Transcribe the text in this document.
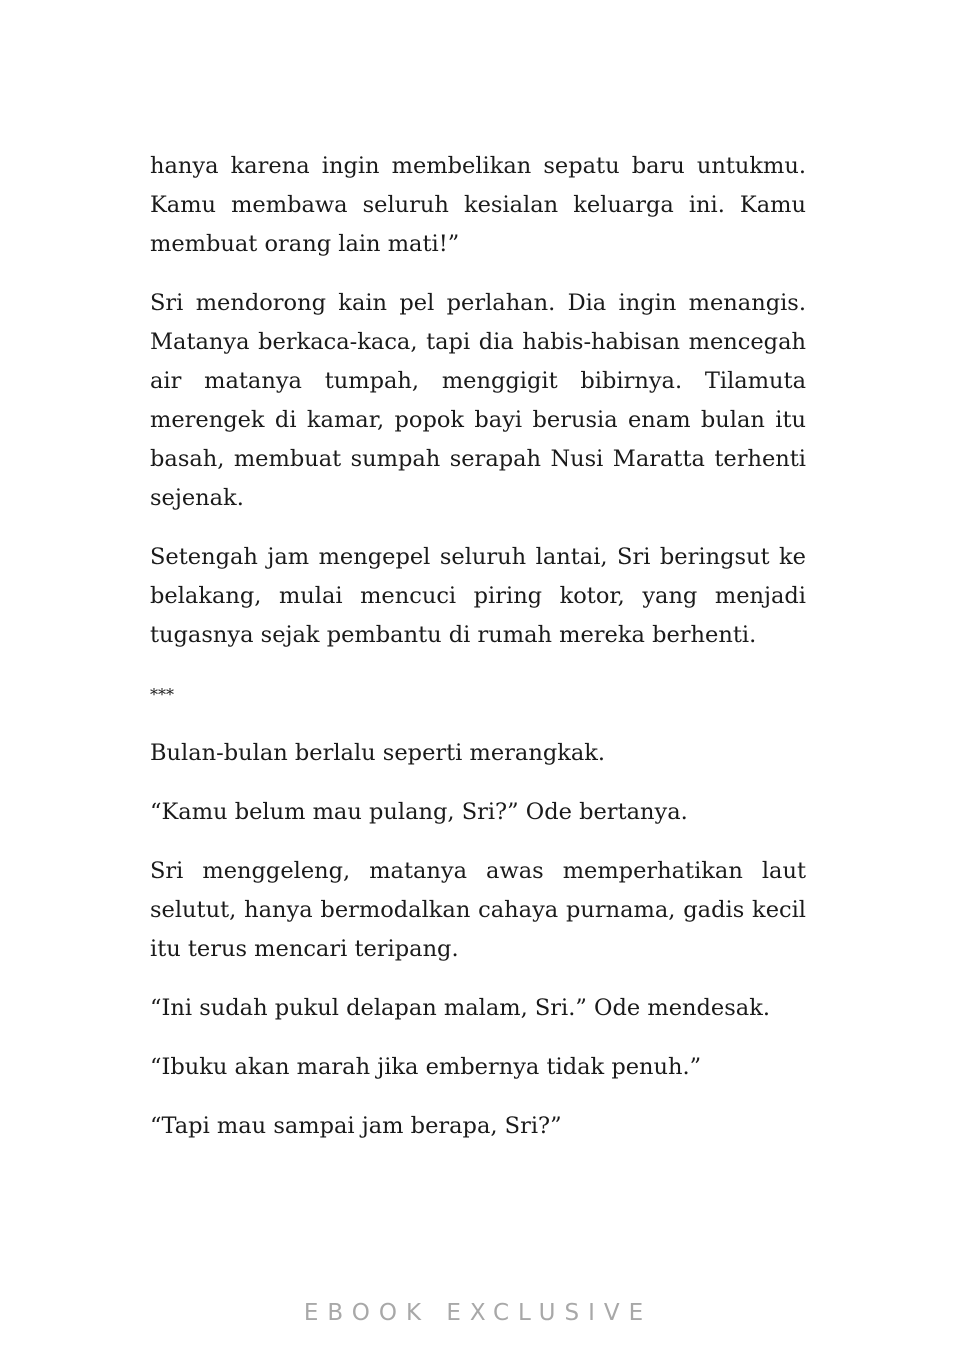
hanya karena ingin membelikan sepatu baru untukmu. Kamu membawa seluruh kesialan keluarga ini. Kamu membuat orang lain mati!”

Sri mendorong kain pel perlahan. Dia ingin menangis. Matanya berkaca-kaca, tapi dia habis-habisan mencegah air matanya tumpah, menggigit bibirnya. Tilamuta merengek di kamar, popok bayi berusia enam bulan itu basah, membuat sumpah serapah Nusi Maratta terhenti sejenak.

Setengah jam mengepel seluruh lantai, Sri beringsut ke belakang, mulai mencuci piring kotor, yang menjadi tugasnya sejak pembantu di rumah mereka berhenti.

***

Bulan-bulan berlalu seperti merangkak.

“Kamu belum mau pulang, Sri?” Ode bertanya.

Sri menggeleng, matanya awas memperhatikan laut selutut, hanya bermodalkan cahaya purnama, gadis kecil itu terus mencari teripang.

“Ini sudah pukul delapan malam, Sri.” Ode mendesak.

“Ibuku akan marah jika embernya tidak penuh.”

“Tapi mau sampai jam berapa, Sri?”

EBOOK EXCLUSIVE
